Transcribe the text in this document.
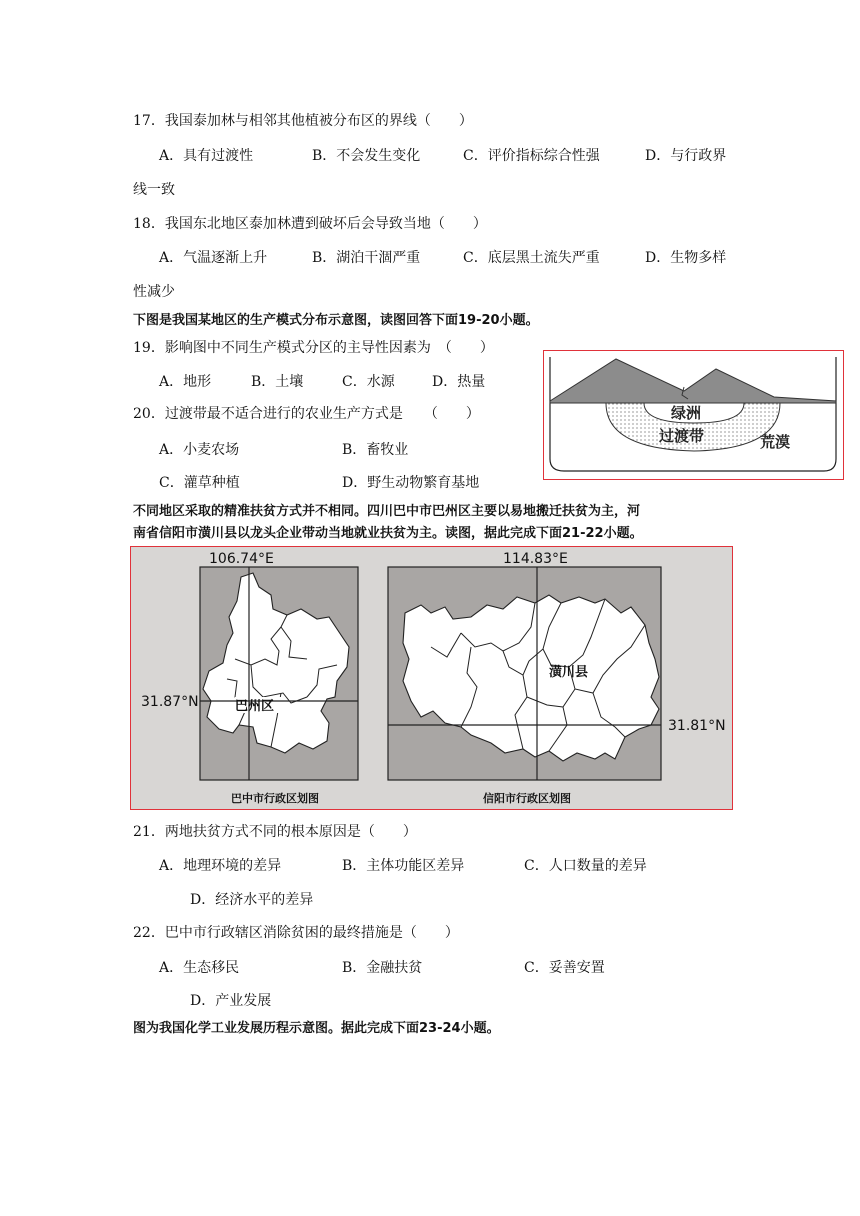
17．我国泰加林与相邻其他植被分布区的界线（　　）
A．具有过渡性	B．不会发生变化	C．评价指标综合性强	D．与行政界
线一致
18．我国东北地区泰加林遭到破坏后会导致当地（　　）
A．气温逐渐上升	B．湖泊干涸严重	C．底层黑土流失严重	D．生物多样
性减少
下图是我国某地区的生产模式分布示意图，读图回答下面19-20小题。
19．影响图中不同生产模式分区的主导性因素为　（　　）
A．地形	B．土壤	C．水源	D．热量
20．过渡带最不适合进行的农业生产方式是　　（　　）
A．小麦农场	B．畜牧业
C．灌草种植	D．野生动物繁育基地
绿洲
过渡带	荒漠
不同地区采取的精准扶贫方式并不相同。四川巴中市巴州区主要以易地搬迁扶贫为主，河
南省信阳市潢川县以龙头企业带动当地就业扶贫为主。读图，据此完成下面21-22小题。
巴州区
106.74°E
31.87°N
巴中市行政区划图
潢川县
114.83°E
31.81°N
信阳市行政区划图
21．两地扶贫方式不同的根本原因是（　　）
A．地理环境的差异	B．主体功能区差异	C．人口数量的差异
D．经济水平的差异
22．巴中市行政辖区消除贫困的最终措施是（　　）
A．生态移民	B．金融扶贫	C．妥善安置
D．产业发展
图为我国化学工业发展历程示意图。据此完成下面23-24小题。
